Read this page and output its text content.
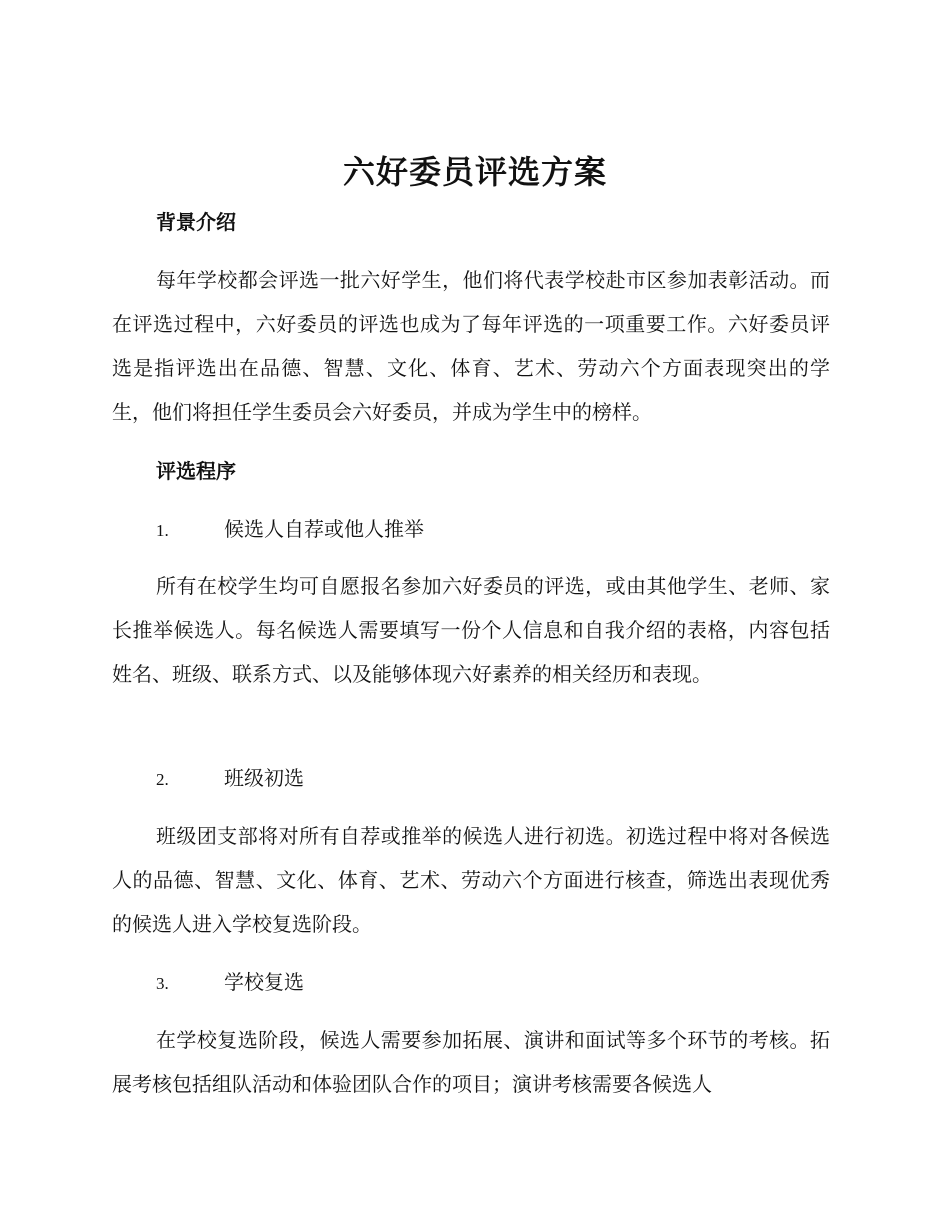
六好委员评选方案
背景介绍

每年学校都会评选一批六好学生，他们将代表学校赴市区参加表彰活动。而在评选过程中，六好委员的评选也成为了每年评选的一项重要工作。六好委员评选是指评选出在品德、智慧、文化、体育、艺术、劳动六个方面表现突出的学生，他们将担任学生委员会六好委员，并成为学生中的榜样。

评选程序
1.	候选人自荐或他人推举

所有在校学生均可自愿报名参加六好委员的评选，或由其他学生、老师、家长推举候选人。每名候选人需要填写一份个人信息和自我介绍的表格，内容包括姓名、班级、联系方式、以及能够体现六好素养的相关经历和表现。

2.	班级初选

班级团支部将对所有自荐或推举的候选人进行初选。初选过程中将对各候选人的品德、智慧、文化、体育、艺术、劳动六个方面进行核查，筛选出表现优秀的候选人进入学校复选阶段。

3.	学校复选

在学校复选阶段，候选人需要参加拓展、演讲和面试等多个环节的考核。拓展考核包括组队活动和体验团队合作的项目；演讲考核需要各候选人
